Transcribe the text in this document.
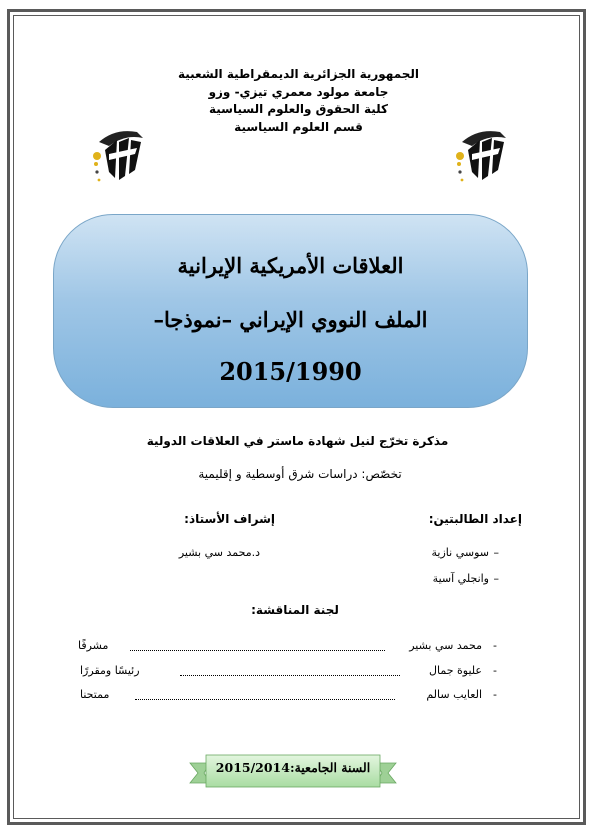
الجمهورية الجزائرية الديمقراطية الشعبية
جامعة مولود معمري تيزي- وزو
كلية الحقوق والعلوم السياسية
قسم العلوم السياسية
العلاقات الأمريكية الإيرانية
الملف النووي الإيراني –نموذجا–
2015/1990
مذكرة تخرّج لنيل شهادة ماستر في العلاقات الدولية
تخصّص: دراسات شرق أوسطية و إقليمية
إعداد الطالبتين:
–
سوسي نازية
–
وانجلي آسية
إشراف الأستاذ:
د.محمد سي بشير
لجنة المناقشة:
-
محمد سي بشير
مشرفًا
-
عليوة جمال
رئيسًا ومقررًا
-
العايب سالم
ممتحنا
السنة الجامعية:2015/2014
